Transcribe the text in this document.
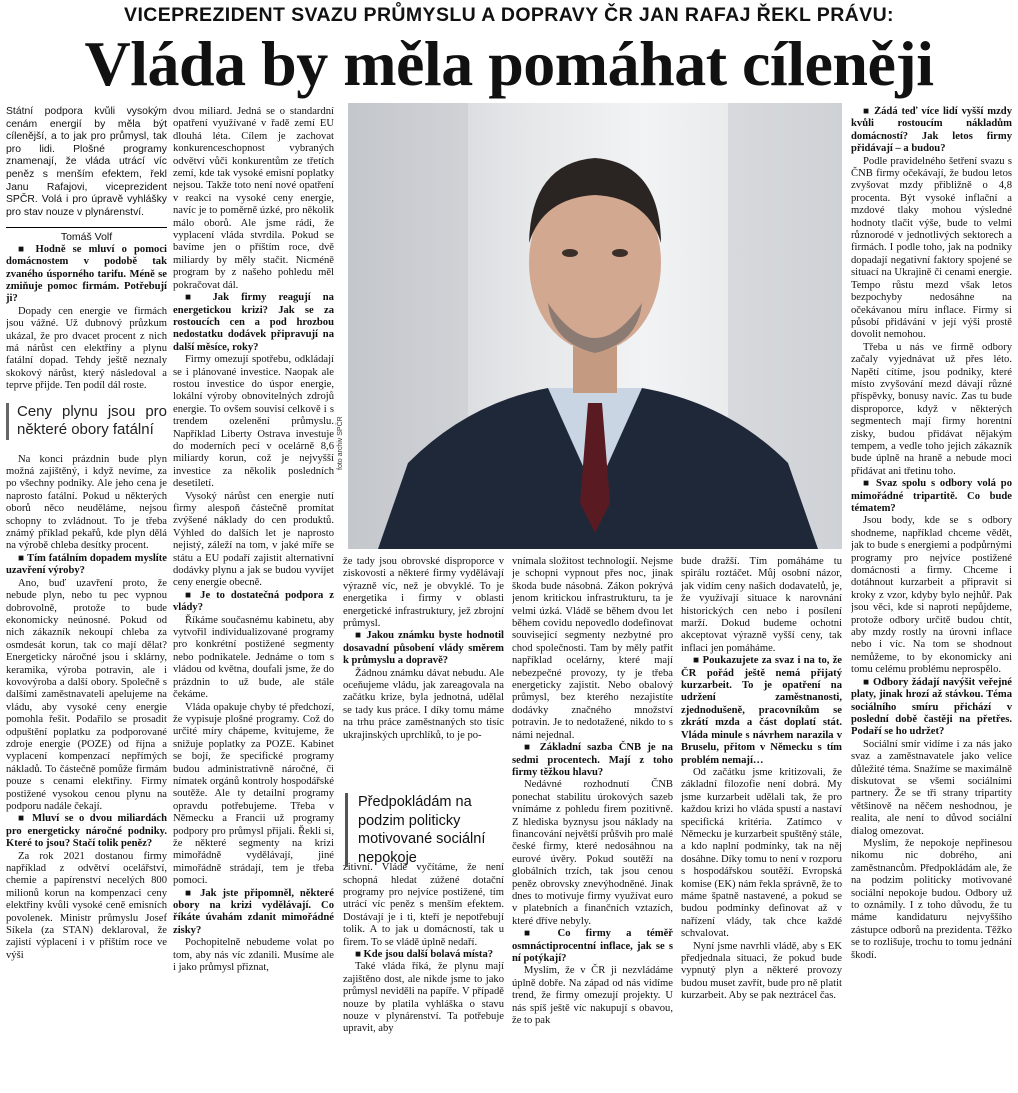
VICEPREZIDENT SVAZU PRŮMYSLU A DOPRAVY ČR JAN RAFAJ ŘEKL PRÁVU:
Vláda by měla pomáhat cíleněji
Státní podpora kvůli vysokým cenám energií by měla být cílenější, a to jak pro průmysl, tak pro lidi. Plošné programy znamenají, že vláda utrácí víc peněz s menším efektem, řekl Janu Rafajovi, viceprezident SPČR. Volá i pro úpravě vyhlášky pro stav nouze v plynárenství.
Tomáš Volf

■ Hodně se mluví o pomoci domácnostem v podobě tak zvaného úsporného tarifu. Méně se zmiňuje pomoc firmám. Potřebují ji?

Dopady cen energie ve firmách jsou vážné. Už dubnový průzkum ukázal, že pro dvacet procent z nich má nárůst cen elektřiny a plynu fatální dopad. Tehdy ještě neznaly skokový nárůst, který následoval a teprve přijde. Ten podíl dál roste.

Ceny plynu jsou pro některé obory fatální

Na konci prázdnin bude plyn možná zajištěný, i když nevíme, za po všechny podniky. Ale jeho cena je naprosto fatální. Pokud u některých oborů něco neuděláme, nejsou schopny to zvládnout. To je třeba známý příklad pekařů, kde plyn dělá na výrobě chleba desítky procent.

■ Tím fatálním dopadem myslíte uzavření výroby?

Ano, buď uzavření proto, že nebude plyn, nebo tu pec vypnou dobrovolně, protože to bude ekonomicky neúnosné. Pokud od nich zákazník nekoupí chleba za osmdesát korun, tak co mají dělat? Energeticky náročné jsou i sklárny, keramika, výroba potravin, ale i kovovýroba a další obory. Společně s dalšími zaměstnavateli apelujeme na vládu, aby vysoké ceny energie pomohla řešit. Podařilo se prosadit odpuštění poplatku za podporované zdroje energie (POZE) od října a vyplacení kompenzací nepřímých nákladů. To částečně pomůže firmám pouze s cenami elektřiny. Firmy postižené vysokou cenou plynu na podporu nadále čekají.

■ Mluví se o dvou miliardách pro energeticky náročné podniky. Které to jsou? Stačí tolik peněz?

Za rok 2021 dostanou firmy například z odvětví ocelářství, chemie a papírenství necelých 800 milionů korun na kompenzaci ceny elektřiny kvůli vysoké ceně emisních povolenek. Ministr průmyslu Josef Síkela (za STAN) deklaroval, že zajistí výplacení i v příštím roce ve výši

dvou miliard. Jedná se o standardní opatření využívané v řadě zemí EU dlouhá léta. Cílem je zachovat konkurenceschopnost vybraných odvětví vůči konkurentům ze třetích zemí, kde tak vysoké emisní poplatky nejsou. Takže toto není nové opatření v reakci na vysoké ceny energie, navíc je to poměrně úzké, pro několik málo oborů. Ale jsme rádi, že vyplacení vláda stvrdila. Pokud se bavíme jen o příštím roce, dvě miliardy by měly stačit. Nicméně program by z našeho pohledu měl pokračovat dál.

■ Jak firmy reagují na energetickou krizi? Jak se za rostoucích cen a pod hrozbou nedostatku dodávek připravují na další měsíce, roky?

Firmy omezují spotřebu, odkládají se i plánované investice. Naopak ale rostou investice do úspor energie, lokální výroby obnovitelných zdrojů energie. To ovšem souvisí celkově i s trendem ozelenění průmyslu. Například Liberty Ostrava investuje do moderních pecí v ocelárně 8,6 miliardy korun, což je nejvyšší investice za několik posledních desetiletí.

Vysoký nárůst cen energie nutí firmy alespoň částečně promítat zvýšené náklady do cen produktů. Výhled do dalších let je naprosto nejistý, záleží na tom, v jaké míře se státu a EU podaří zajistit alternativní dodávky plynu a jak se budou vyvíjet ceny energie obecně.

■ Je to dostatečná podpora z vlády?

Říkáme současnému kabinetu, aby vytvořil individualizované programy pro konkrétní postižené segmenty nebo podnikatele. Jednáme o tom s vládou od května, doufali jsme, že do prázdnin to už bude, ale stále čekáme.

Vláda opakuje chyby té předchozí, že vypisuje plošné programy. Což do určité míry chápeme, kvitujeme, že snižuje poplatky za POZE. Kabinet se bojí, že specifické programy budou administrativně náročné, či nímatek orgánů kontroly hospodářské soutěže. Ale ty detailní programy opravdu potřebujeme. Třeba v Německu a Francii už programy podpory pro průmysl přijali. Řekli si, že některé segmenty na krizi mimořádně vydělávají, jiné mimořádně strádají, tem je třeba pomoci.

■ Jak jste připomněl, některé obory na krizi vydělávají. Co říkáte úvahám zdanit mimořádné zisky?

Pochopitelně nebudeme volat po tom, aby nás víc zdanili. Musíme ale i jako průmysl přiznat,

foto archiv SPČR

že tady jsou obrovské disproporce v ziskovosti a některé firmy vydělávají výrazně víc, než je obvyklé. To je energetika i firmy v oblasti energetické infrastruktury, jež zbrojní průmysl.

■ Jakou známku byste hodnotil dosavadní působení vlády směrem k průmyslu a dopravě?

Žádnou známku dávat nebudu. Ale oceňujeme vládu, jak zareagovala na začátku krize, byla jednotná, udělal se tady kus práce. I díky tomu máme na trhu práce zaměstnaných sto tisíc ukrajinských uprchlíků, to je po-

zitivní. Vládě vyčítáme, že není schopná hledat zúžené dotační programy pro nejvíce postižené, tím utrácí víc peněz s menším efektem. Dostávají je i ti, kteří je nepotřebují tolik. A to jak u domácností, tak u firem. To se vládě úplně nedaří.

■ Kde jsou další bolavá místa?

Také vláda říká, že plynu mají zajištěno dost, ale nikde jsme to jako průmysl neviděli na papíře. V případě nouze by platila vyhláška o stavu nouze v plynárenství. Ta potřebuje upravit, aby

Předpokládám na podzim politicky motivované sociální nepokoje

vnímala složitost technologií. Nejsme je schopni vypnout přes noc, jinak škoda bude násobná. Zákon pokrývá jenom kritickou infrastrukturu, ta je velmi úzká. Vládě se během dvou let během covidu nepovedlo dodefinovat souvisejicí segmenty nezbytné pro chod společnosti. Tam by měly patřit například ocelárny, které mají nebezpečné provozy, ty je třeba energeticky zajistit. Nebo obalový průmysl, bez kterého nezajistíte dodávky značného množství potravin. Je to nedotažené, nikdo to s námi nejednal.

■ Základní sazba ČNB je na sedmi procentech. Mají z toho firmy těžkou hlavu?

Nedávné rozhodnutí ČNB ponechat stabilitu úrokových sazeb vnímáme z pohledu firem pozitivně. Z hlediska byznysu jsou náklady na financování největší průšvih pro malé české firmy, které nedosáhnou na eurové úvěry. Pokud soutěží na globálních trzích, tak jsou cenou peněz obrovsky znevýhodněné. Jinak dnes to motivuje firmy využívat euro v platebních a finančních vztazích, které dříve nebyly.

■ Co firmy a téměř osmnáctiprocentní inflace, jak se s ní potýkají?

Myslím, že v ČR ji nezvládáme úplně dobře. Na západ od nás vidíme trend, že firmy omezují projekty. U nás spíš ještě víc nakupují s obavou, že to pak

bude dražší. Tím pomáháme tu spirálu roztáčet. Můj osobní názor, jak vidím ceny našich dodavatelů, je, že využívají situace k narovnání historických cen nebo i posílení marží. Dokud budeme ochotni akceptovat výrazně vyšší ceny, tak inflaci jen pomáháme.

■ Poukazujete za svaz i na to, že ČR pořád ještě nemá přijatý kurzarbeit. To je opatření na udržení zaměstnanosti, zjednodušeně, pracovníkům se zkrátí mzda a část doplatí stát. Vláda minule s návrhem narazila v Bruselu, přitom v Německu s tím problém nemají…

Od začátku jsme kritizovali, že základní filozofie není dobrá. My jsme kurzarbeit udělali tak, že pro každou krizi ho vláda spustí a nastaví specifická kritéria. Zatímco v Německu je kurzarbeit spuštěný stále, a kdo naplní podmínky, tak na něj dosáhne. Díky tomu to není v rozporu s hospodářskou soutěží. Evropská komise (EK) nám řekla správně, že to máme špatně nastavené, a pokud se budou podmínky definovat až v nařízení vlády, tak chce každé schvalovat.

Nyní jsme navrhli vládě, aby s EK předjednala situaci, že pokud bude vypnutý plyn a některé provozy budou muset zavřít, bude pro ně platit kurzarbeit. Aby se pak neztrácel čas.

■ Žádá teď více lidí vyšší mzdy kvůli rostoucím nákladům domácností? Jak letos firmy přidávají – a budou?

Podle pravidelného šetření svazu s ČNB firmy očekávají, že budou letos zvyšovat mzdy přibližně o 4,8 procenta. Být vysoké inflační a mzdové tlaky mohou výsledné hodnoty tlačit výše, bude to velmi různorodé v jednotlivých sektorech a firmách. I podle toho, jak na podniky dopadají negativní faktory spojené se situací na Ukrajině či cenami energie. Tempo růstu mezd však letos bezpochyby nedosáhne na očekávanou míru inflace. Firmy si působí přidávání v její výši prostě dovolit nemohou.

Třeba u nás ve firmě odbory začaly vyjednávat už přes léto. Napětí cítíme, jsou podniky, které místo zvyšování mezd dávají různé příspěvky, bonusy navíc. Zas tu bude disproporce, když v některých segmentech mají firmy horentní zisky, budou přidávat nějakým tempem, a vedle toho jejich zákazník bude úplně na hraně a nebude moci přidávat ani třetinu toho.

■ Svaz spolu s odbory volá po mimořádné tripartitě. Co bude tématem?

Jsou body, kde se s odbory shodneme, například chceme vědět, jak to bude s energiemi a podpůrnými programy pro nejvíce postižené domácnosti a firmy. Chceme i dotáhnout kurzarbeit a připravit si kroky z vzor, kdyby bylo nejhůř. Pak jsou věci, kde si naproti nepůjdeme, protože odbory určitě budou chtít, aby mzdy rostly na úrovni inflace nebo i víc. Na tom se shodnout nemůžeme, to by ekonomicky ani tomu celému problému neprospělo.

■ Odbory žádají navýšit veřejné platy, jinak hrozí až stávkou. Téma sociálního smíru přichází v poslední době častěji na přetřes. Podaří se ho udržet?

Sociální smír vidíme i za nás jako svaz a zaměstnavatele jako velice důležité téma. Snažíme se maximálně diskutovat se všemi sociálními partnery. Že se tři strany tripartity většinově na něčem neshodnou, je realita, ale není to důvod sociální dialog omezovat.

Myslím, že nepokoje nepřinesou nikomu nic dobrého, ani zaměstnancům. Předpokládám ale, že na podzim politicky motivované sociální nepokoje budou. Odbory už to oznámily. I z toho důvodu, že tu máme kandidaturu nejvyššího zástupce odborů na prezidenta. Těžko se to rozlišuje, trochu to tomu jednání škodí.
